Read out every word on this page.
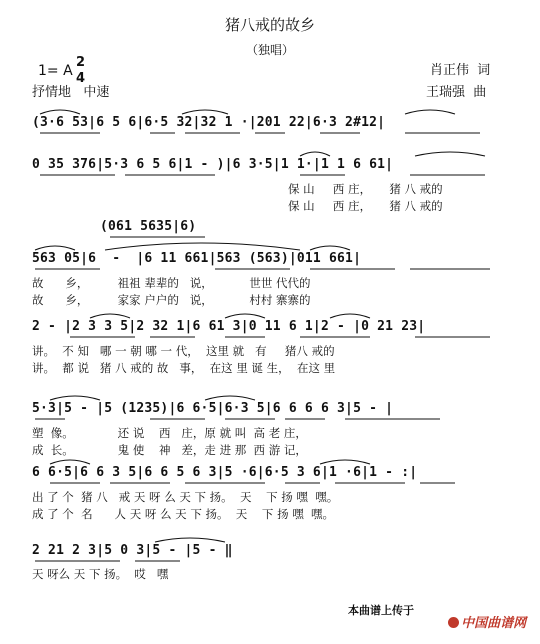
猪八戒的故乡
（独唱）
1= A
2
4
抒情地   中速
肖正伟  词
王瑞强  曲
(3·6 53|6 5 6|6·5 32|32 1 ·|201 22|6·3 2#12|
0 35 376|5·3 6 5 6|1 - )|6 3·5|1 1·|1 1 6 61|
保 山     西 庄，     猪 八 戒的
保 山     西 庄，     猪 八 戒的
(061 5635|6)
563 05|6  -  |6 11 661|563 (563)|011 661|
故      乡，        祖祖 辈辈的   说，          世世 代代的
故      乡，        家家 户户的   说，          村村 寨寨的
2 - |2 3 3 5|2 32 1|6 61 3|0 11 6 1|2 - |0 21 23|
讲。  不 知   哪 一 朝 哪 一 代，  这里 就   有     猪八 戒的
讲。  都 说   猪 八 戒的 故   事，  在这 里 诞 生，  在这 里
5·3|5 - |5 (1235)|6 6·5|6·3 5|6 6 6 6 3|5 - |
塑  像。            还 说    西   庄，原 就 叫  高 老 庄，
成  长。            鬼 使    神   差，走 进 那  西 游 记，
6 6·5|6 6 3 5|6 6 5 6 3|5 ·6|6·5 3 6|1 ·6|1 - :|
出 了 个  猪 八   戒 天 呀 么 天 下 扬。  天    下 扬 嘿  嘿。
成 了 个  名      人 天 呀 么 天 下 扬。  天    下 扬 嘿  嘿。
2 21 2 3|5 0 3|5 - |5 - ‖
天 呀么 天 下 扬。  哎   嘿
本曲谱上传于

中国曲谱网
